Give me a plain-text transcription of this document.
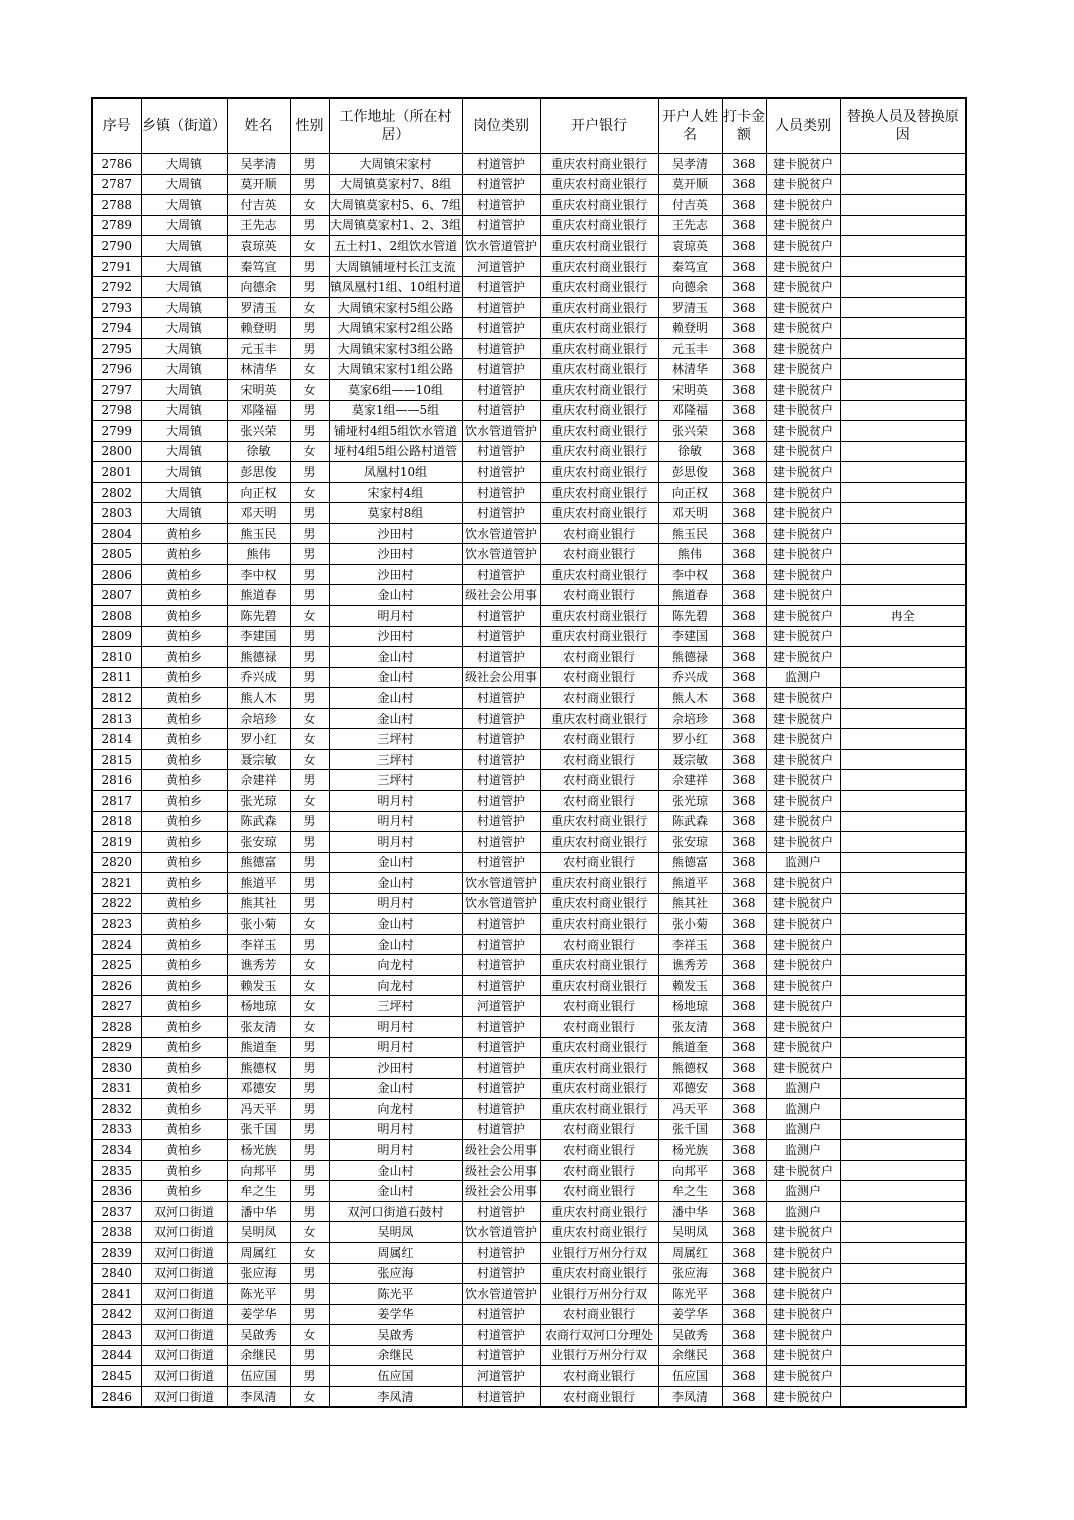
序号	乡镇（街道）	姓名	性别	工作地址（所在村居）	岗位类别	开户银行	开户人姓名	打卡金额	人员类别	替换人员及替换原因

2786	大周镇	吴孝清	男	大周镇宋家村	村道管护	重庆农村商业银行	吴孝清	368	建卡脱贫户	

2787	大周镇	莫开顺	男	大周镇莫家村7、8组	村道管护	重庆农村商业银行	莫开顺	368	建卡脱贫户	

2788	大周镇	付吉英	女	大周镇莫家村5、6、7组	村道管护	重庆农村商业银行	付吉英	368	建卡脱贫户	

2789	大周镇	王先志	男	大周镇莫家村1、2、3组	村道管护	重庆农村商业银行	王先志	368	建卡脱贫户	

2790	大周镇	袁琼英	女	五土村1、2组饮水管道	饮水管道管护	重庆农村商业银行	袁琼英	368	建卡脱贫户	

2791	大周镇	秦笃宣	男	大周镇铺垭村长江支流	河道管护	重庆农村商业银行	秦笃宣	368	建卡脱贫户	

2792	大周镇	向德余	男	镇凤凰村1组、10组村道	村道管护	重庆农村商业银行	向德余	368	建卡脱贫户	

2793	大周镇	罗清玉	女	大周镇宋家村5组公路	村道管护	重庆农村商业银行	罗清玉	368	建卡脱贫户	

2794	大周镇	赖登明	男	大周镇宋家村2组公路	村道管护	重庆农村商业银行	赖登明	368	建卡脱贫户	

2795	大周镇	元玉丰	男	大周镇宋家村3组公路	村道管护	重庆农村商业银行	元玉丰	368	建卡脱贫户	

2796	大周镇	林清华	女	大周镇宋家村1组公路	村道管护	重庆农村商业银行	林清华	368	建卡脱贫户	

2797	大周镇	宋明英	女	莫家6组——10组	村道管护	重庆农村商业银行	宋明英	368	建卡脱贫户	

2798	大周镇	邓隆福	男	莫家1组——5组	村道管护	重庆农村商业银行	邓隆福	368	建卡脱贫户	

2799	大周镇	张兴荣	男	铺垭村4组5组饮水管道	饮水管道管护	重庆农村商业银行	张兴荣	368	建卡脱贫户	

2800	大周镇	徐敏	女	垭村4组5组公路村道管	村道管护	重庆农村商业银行	徐敏	368	建卡脱贫户	

2801	大周镇	彭思俊	男	凤凰村10组	村道管护	重庆农村商业银行	彭思俊	368	建卡脱贫户	

2802	大周镇	向正权	女	宋家村4组	村道管护	重庆农村商业银行	向正权	368	建卡脱贫户	

2803	大周镇	邓天明	男	莫家村8组	村道管护	重庆农村商业银行	邓天明	368	建卡脱贫户	

2804	黄柏乡	熊玉民	男	沙田村	饮水管道管护	农村商业银行	熊玉民	368	建卡脱贫户	

2805	黄柏乡	熊伟	男	沙田村	饮水管道管护	农村商业银行	熊伟	368	建卡脱贫户	

2806	黄柏乡	李中权	男	沙田村	村道管护	重庆农村商业银行	李中权	368	建卡脱贫户	

2807	黄柏乡	熊道春	男	金山村	级社会公用事	农村商业银行	熊道春	368	建卡脱贫户	

2808	黄柏乡	陈先碧	女	明月村	村道管护	重庆农村商业银行	陈先碧	368	建卡脱贫户	冉全

2809	黄柏乡	李建国	男	沙田村	村道管护	重庆农村商业银行	李建国	368	建卡脱贫户	

2810	黄柏乡	熊德禄	男	金山村	村道管护	农村商业银行	熊德禄	368	建卡脱贫户	

2811	黄柏乡	乔兴成	男	金山村	级社会公用事	农村商业银行	乔兴成	368	监测户	

2812	黄柏乡	熊人木	男	金山村	村道管护	农村商业银行	熊人木	368	建卡脱贫户	

2813	黄柏乡	佘培珍	女	金山村	村道管护	重庆农村商业银行	佘培珍	368	建卡脱贫户	

2814	黄柏乡	罗小红	女	三坪村	村道管护	农村商业银行	罗小红	368	建卡脱贫户	

2815	黄柏乡	聂宗敏	女	三坪村	村道管护	农村商业银行	聂宗敏	368	建卡脱贫户	

2816	黄柏乡	佘建祥	男	三坪村	村道管护	农村商业银行	佘建祥	368	建卡脱贫户	

2817	黄柏乡	张光琼	女	明月村	村道管护	农村商业银行	张光琼	368	建卡脱贫户	

2818	黄柏乡	陈武森	男	明月村	村道管护	重庆农村商业银行	陈武森	368	建卡脱贫户	

2819	黄柏乡	张安琼	男	明月村	村道管护	重庆农村商业银行	张安琼	368	建卡脱贫户	

2820	黄柏乡	熊德富	男	金山村	村道管护	农村商业银行	熊德富	368	监测户	

2821	黄柏乡	熊道平	男	金山村	饮水管道管护	重庆农村商业银行	熊道平	368	建卡脱贫户	

2822	黄柏乡	熊其社	男	明月村	饮水管道管护	重庆农村商业银行	熊其社	368	建卡脱贫户	

2823	黄柏乡	张小菊	女	金山村	村道管护	重庆农村商业银行	张小菊	368	建卡脱贫户	

2824	黄柏乡	李祥玉	男	金山村	村道管护	农村商业银行	李祥玉	368	建卡脱贫户	

2825	黄柏乡	谯秀芳	女	向龙村	村道管护	重庆农村商业银行	谯秀芳	368	建卡脱贫户	

2826	黄柏乡	赖发玉	女	向龙村	村道管护	重庆农村商业银行	赖发玉	368	建卡脱贫户	

2827	黄柏乡	杨地琼	女	三坪村	河道管护	农村商业银行	杨地琼	368	建卡脱贫户	

2828	黄柏乡	张友清	女	明月村	村道管护	农村商业银行	张友清	368	建卡脱贫户	

2829	黄柏乡	熊道奎	男	明月村	村道管护	重庆农村商业银行	熊道奎	368	建卡脱贫户	

2830	黄柏乡	熊德权	男	沙田村	村道管护	重庆农村商业银行	熊德权	368	建卡脱贫户	

2831	黄柏乡	邓德安	男	金山村	村道管护	重庆农村商业银行	邓德安	368	监测户	

2832	黄柏乡	冯天平	男	向龙村	村道管护	重庆农村商业银行	冯天平	368	监测户	

2833	黄柏乡	张千国	男	明月村	村道管护	农村商业银行	张千国	368	监测户	

2834	黄柏乡	杨光族	男	明月村	级社会公用事	农村商业银行	杨光族	368	监测户	

2835	黄柏乡	向邦平	男	金山村	级社会公用事	农村商业银行	向邦平	368	建卡脱贫户	

2836	黄柏乡	牟之生	男	金山村	级社会公用事	农村商业银行	牟之生	368	监测户	

2837	双河口街道	潘中华	男	双河口街道石鼓村	村道管护	重庆农村商业银行	潘中华	368	监测户	

2838	双河口街道	吴明凤	女	吴明凤	饮水管道管护	重庆农村商业银行	吴明凤	368	建卡脱贫户	

2839	双河口街道	周属红	女	周属红	村道管护	业银行万州分行双	周属红	368	建卡脱贫户	

2840	双河口街道	张应海	男	张应海	村道管护	重庆农村商业银行	张应海	368	建卡脱贫户	

2841	双河口街道	陈光平	男	陈光平	饮水管道管护	业银行万州分行双	陈光平	368	建卡脱贫户	

2842	双河口街道	姜学华	男	姜学华	村道管护	农村商业银行	姜学华	368	建卡脱贫户	

2843	双河口街道	吴啟秀	女	吴啟秀	村道管护	农商行双河口分理处	吴啟秀	368	建卡脱贫户	

2844	双河口街道	余继民	男	余继民	村道管护	业银行万州分行双	余继民	368	建卡脱贫户	

2845	双河口街道	伍应国	男	伍应国	河道管护	农村商业银行	伍应国	368	建卡脱贫户	

2846	双河口街道	李凤清	女	李凤清	村道管护	农村商业银行	李凤清	368	建卡脱贫户	
